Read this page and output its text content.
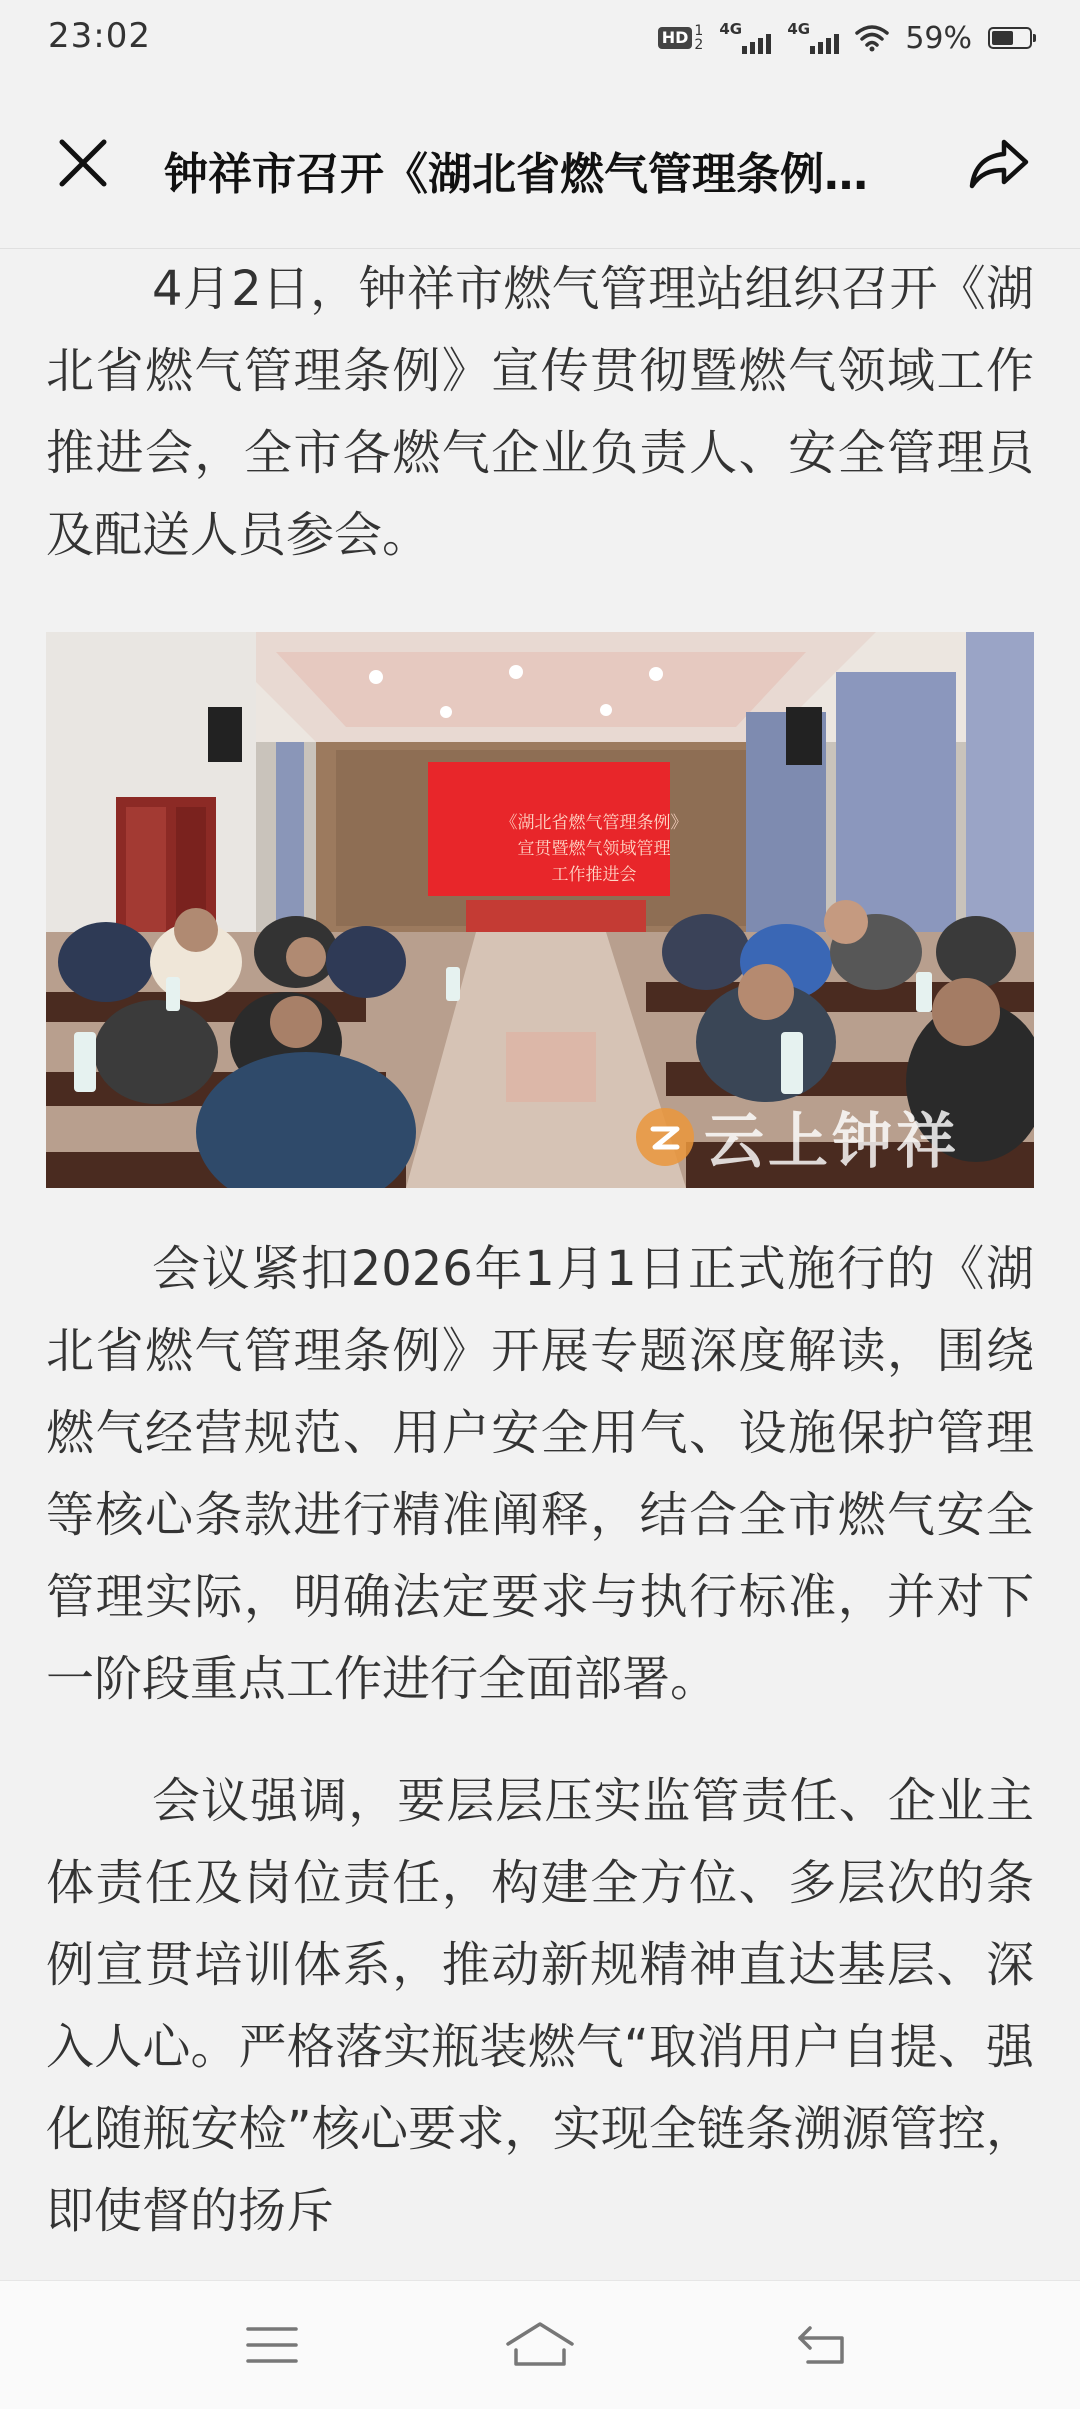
23:02	HD 1
2
4G	4G	59%
钟祥市召开《湖北省燃气管理条例…

4月2日，钟祥市燃气管理站组织召开《湖北省燃气管理条例》宣传贯彻暨燃气领域工作推进会，全市各燃气企业负责人、安全管理员及配送人员参会。

《湖北省燃气管理条例》
宣贯暨燃气领域管理
工作推进会
云上钟祥

会议紧扣2026年1月1日正式施行的《湖北省燃气管理条例》开展专题深度解读，围绕燃气经营规范、用户安全用气、设施保护管理等核心条款进行精准阐释，结合全市燃气安全管理实际，明确法定要求与执行标准，并对下一阶段重点工作进行全面部署。

会议强调，要层层压实监管责任、企业主体责任及岗位责任，构建全方位、多层次的条例宣贯培训体系，推动新规精神直达基层、深入人心。严格落实瓶装燃气“取消用户自提、强化随瓶安检”核心要求，实现全链条溯源管控，即使督的扬斥
